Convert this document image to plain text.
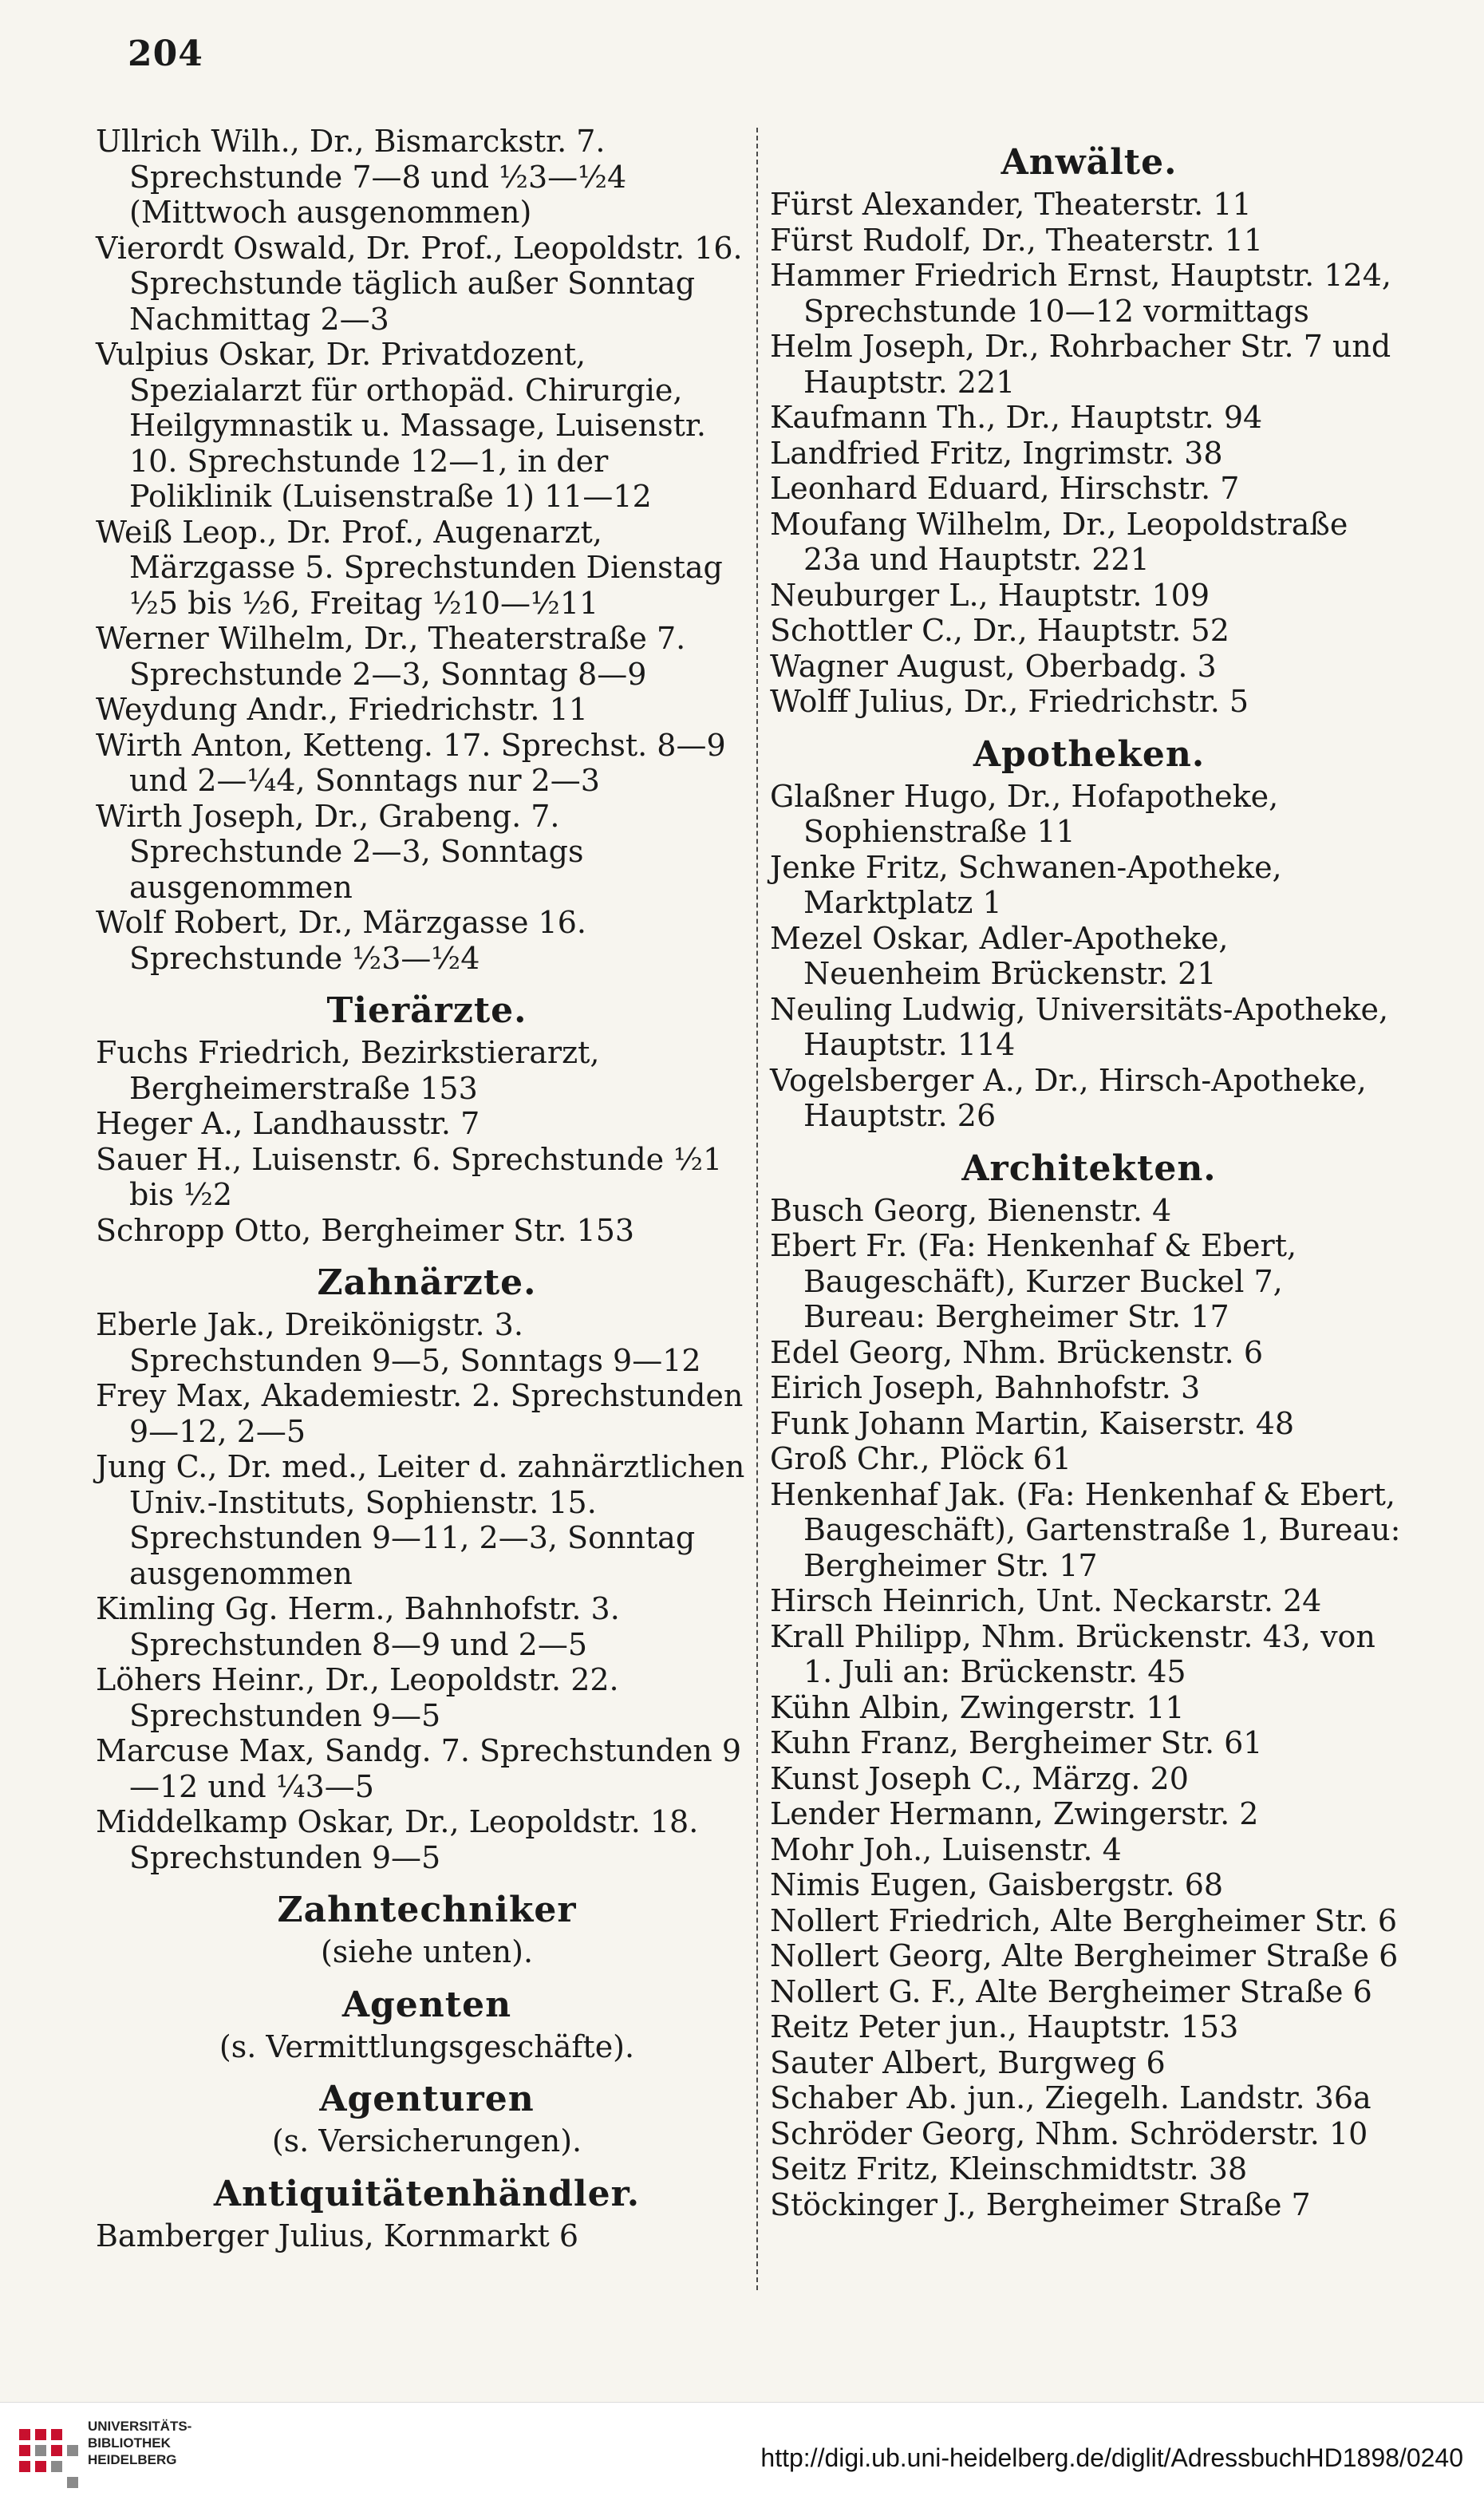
204
Ullrich Wilh., Dr., Bismarckstr. 7. Sprechstunde 7—8 und ½3—½4 (Mittwoch ausgenommen)
Vierordt Oswald, Dr. Prof., Leopoldstr. 16. Sprechstunde täglich außer Sonntag Nachmittag 2—3
Vulpius Oskar, Dr. Privatdozent, Spezialarzt für orthopäd. Chirurgie, Heilgymnastik u. Massage, Luisenstr. 10. Sprechstunde 12—1, in der Poliklinik (Luisenstraße 1) 11—12
Weiß Leop., Dr. Prof., Augenarzt, Märzgasse 5. Sprechstunden Dienstag ½5 bis ½6, Freitag ½10—½11
Werner Wilhelm, Dr., Theaterstraße 7. Sprechstunde 2—3, Sonntag 8—9
Weydung Andr., Friedrichstr. 11
Wirth Anton, Ketteng. 17. Sprechst. 8—9 und 2—¼4, Sonntags nur 2—3
Wirth Joseph, Dr., Grabeng. 7. Sprechstunde 2—3, Sonntags ausgenommen
Wolf Robert, Dr., Märzgasse 16. Sprechstunde ½3—½4
Tierärzte.
Fuchs Friedrich, Bezirkstierarzt, Bergheimerstraße 153
Heger A., Landhausstr. 7
Sauer H., Luisenstr. 6. Sprechstunde ½1 bis ½2
Schropp Otto, Bergheimer Str. 153
Zahnärzte.
Eberle Jak., Dreikönigstr. 3. Sprechstunden 9—5, Sonntags 9—12
Frey Max, Akademiestr. 2. Sprechstunden 9—12, 2—5
Jung C., Dr. med., Leiter d. zahnärztlichen Univ.-Instituts, Sophienstr. 15. Sprechstunden 9—11, 2—3, Sonntag ausgenommen
Kimling Gg. Herm., Bahnhofstr. 3. Sprechstunden 8—9 und 2—5
Löhers Heinr., Dr., Leopoldstr. 22. Sprechstunden 9—5
Marcuse Max, Sandg. 7. Sprechstunden 9—12 und ¼3—5
Middelkamp Oskar, Dr., Leopoldstr. 18. Sprechstunden 9—5
Zahntechniker
(siehe unten).
Agenten
(s. Vermittlungsgeschäfte).
Agenturen
(s. Versicherungen).
Antiquitätenhändler.
Bamberger Julius, Kornmarkt 6
Anwälte.
Fürst Alexander, Theaterstr. 11
Fürst Rudolf, Dr., Theaterstr. 11
Hammer Friedrich Ernst, Hauptstr. 124, Sprechstunde 10—12 vormittags
Helm Joseph, Dr., Rohrbacher Str. 7 und Hauptstr. 221
Kaufmann Th., Dr., Hauptstr. 94
Landfried Fritz, Ingrimstr. 38
Leonhard Eduard, Hirschstr. 7
Moufang Wilhelm, Dr., Leopoldstraße 23a und Hauptstr. 221
Neuburger L., Hauptstr. 109
Schottler C., Dr., Hauptstr. 52
Wagner August, Oberbadg. 3
Wolff Julius, Dr., Friedrichstr. 5
Apotheken.
Glaßner Hugo, Dr., Hofapotheke, Sophienstraße 11
Jenke Fritz, Schwanen-Apotheke, Marktplatz 1
Mezel Oskar, Adler-Apotheke, Neuenheim Brückenstr. 21
Neuling Ludwig, Universitäts-Apotheke, Hauptstr. 114
Vogelsberger A., Dr., Hirsch-Apotheke, Hauptstr. 26
Architekten.
Busch Georg, Bienenstr. 4
Ebert Fr. (Fa: Henkenhaf & Ebert, Baugeschäft), Kurzer Buckel 7, Bureau: Bergheimer Str. 17
Edel Georg, Nhm. Brückenstr. 6
Eirich Joseph, Bahnhofstr. 3
Funk Johann Martin, Kaiserstr. 48
Groß Chr., Plöck 61
Henkenhaf Jak. (Fa: Henkenhaf & Ebert, Baugeschäft), Gartenstraße 1, Bureau: Bergheimer Str. 17
Hirsch Heinrich, Unt. Neckarstr. 24
Krall Philipp, Nhm. Brückenstr. 43, von 1. Juli an: Brückenstr. 45
Kühn Albin, Zwingerstr. 11
Kuhn Franz, Bergheimer Str. 61
Kunst Joseph C., Märzg. 20
Lender Hermann, Zwingerstr. 2
Mohr Joh., Luisenstr. 4
Nimis Eugen, Gaisbergstr. 68
Nollert Friedrich, Alte Bergheimer Str. 6
Nollert Georg, Alte Bergheimer Straße 6
Nollert G. F., Alte Bergheimer Straße 6
Reitz Peter jun., Hauptstr. 153
Sauter Albert, Burgweg 6
Schaber Ab. jun., Ziegelh. Landstr. 36a
Schröder Georg, Nhm. Schröderstr. 10
Seitz Fritz, Kleinschmidtstr. 38
Stöckinger J., Bergheimer Straße 7
UNIVERSITÄTS-
BIBLIOTHEK
HEIDELBERG	http://digi.ub.uni-heidelberg.de/diglit/AdressbuchHD1898/0240
